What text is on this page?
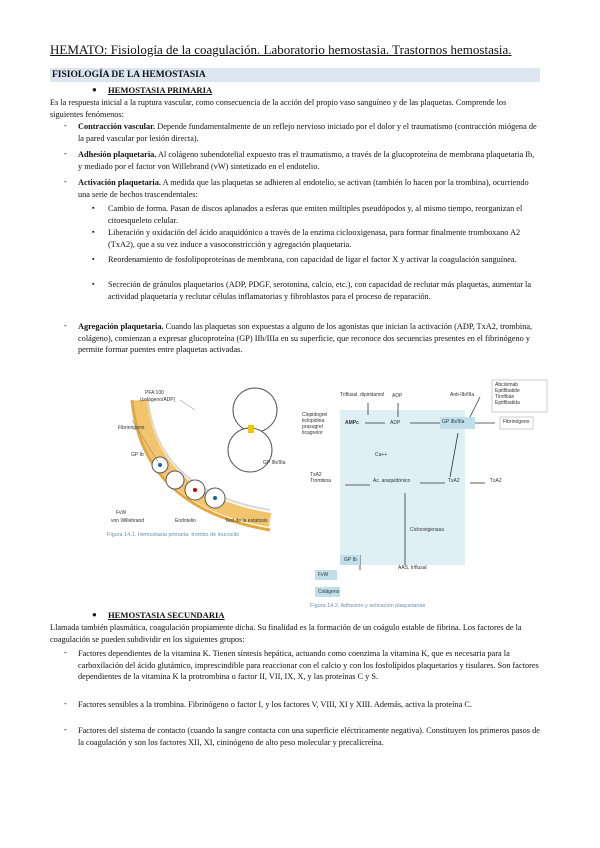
HEMATO: Fisiología de la coagulación. Laboratorio hemostasia. Trastornos hemostasia.
FISIOLOGÍA DE LA HEMOSTASIA
● HEMOSTASIA PRIMARIA
Es la respuesta inicial a la ruptura vascular, como consecuencia de la acción del propio vaso sanguíneo y de las plaquetas. Comprende los siguientes fenómenos:
- Contracción vascular. Depende fundamentalmente de un reflejo nervioso iniciado por el dolor y el traumatismo (contracción miógena de la pared vascular por lesión directa).
- Adhesión plaquetaria. Al colágeno subendotelial expuesto tras el traumatismo, a través de la glucoproteína de membrana plaquetaria Ib, y mediado por el factor von Willebrand (vW) sintetizado en el endotelio.
- Activación plaquetaria. A medida que las plaquetas se adhieren al endotelio, se activan (también lo hacen por la trombina), ocurriendo una serie de hechos trascendentales:
▪ Cambio de forma. Pasan de discos aplanados a esferas que emiten múltiples pseudópodos y, al mismo tiempo, reorganizan el citoesqueleto celular.
▪ Liberación y oxidación del ácido araquidónico a través de la enzima ciclooxigenasa, para formar finalmente tromboxano A2 (TxA2), que a su vez induce a vasoconstricción y agregación plaquetaria.
▪ Reordenamiento de fosfolipoproteínas de membrana, con capacidad de ligar el factor X y activar la coagulación sanguínea.
▪ Secreción de gránulos plaquetarios (ADP, PDGF, serotonina, calcio, etc.), con capacidad de reclutar más plaquetas, aumentar la actividad plaquetaria y reclutar células inflamatorias y fibroblastos para el proceso de reparación.
- Agregación plaquetaria. Cuando las plaquetas son expuestas a alguno de los agonistas que inician la activación (ADP, TxA2, trombina, colágeno), comienzan a expresar glucoproteína (GP) IIb/IIIa en su superficie, que reconoce dos secuencias presentes en el fibrinógeno y permite formar puentes entre plaquetas activadas.
PFA 100
(colágeno/ADP)
Fibrinógeno
GP IIb/IIIa
GP Ib
FvW
von Willebrand	Endotelio	Test de la estatosis
Figura 14.1. Hemostasia primaria: trombo de leucocito
Triflusal, dipiridamol
Clopidogrel
ticlopidina
prasugrel
ticagrelor
ADP
AMPc	ADP	GP IIb/IIIa	Fibrinógeno
Anti-IIb/IIIa
Abciximab
Eptifibatide
Tirofibán
Eptifibatida
Ca++
TxA2
Trombina	Ac. araquidónico	TxA2	TxA2
Ciclooxigenasa
GP Ib
FvW
AAS, triflusal
Colágeno
Figura 14.2. Adhesión y activación plaquetarias
● HEMOSTASIA SECUNDARIA
Llamada también plasmática, coagulación propiamente dicha. Su finalidad es la formación de un coágulo estable de fibrina. Los factores de la coagulación se pueden subdividir en los siguientes grupos:
- Factores dependientes de la vitamina K. Tienen síntesis hepática, actuando como coenzima la vitamina K, que es necesaria para la carboxilación del ácido glutámico, imprescindible para reaccionar con el calcio y con los fosfolípidos plaquetarios y tisulares. Son factores dependientes de la vitamina K la protrombina o factor II, VII, IX, X, y las proteínas C y S.
- Factores sensibles a la trombina. Fibrinógeno o factor I, y los factores V, VIII, XI y XIII. Además, activa la proteína C.
- Factores del sistema de contacto (cuando la sangre contacta con una superficie eléctricamente negativa). Constituyen los primeros pasos de la coagulación y son los factores XII, XI, cininógeno de alto peso molecular y precalicreína.
